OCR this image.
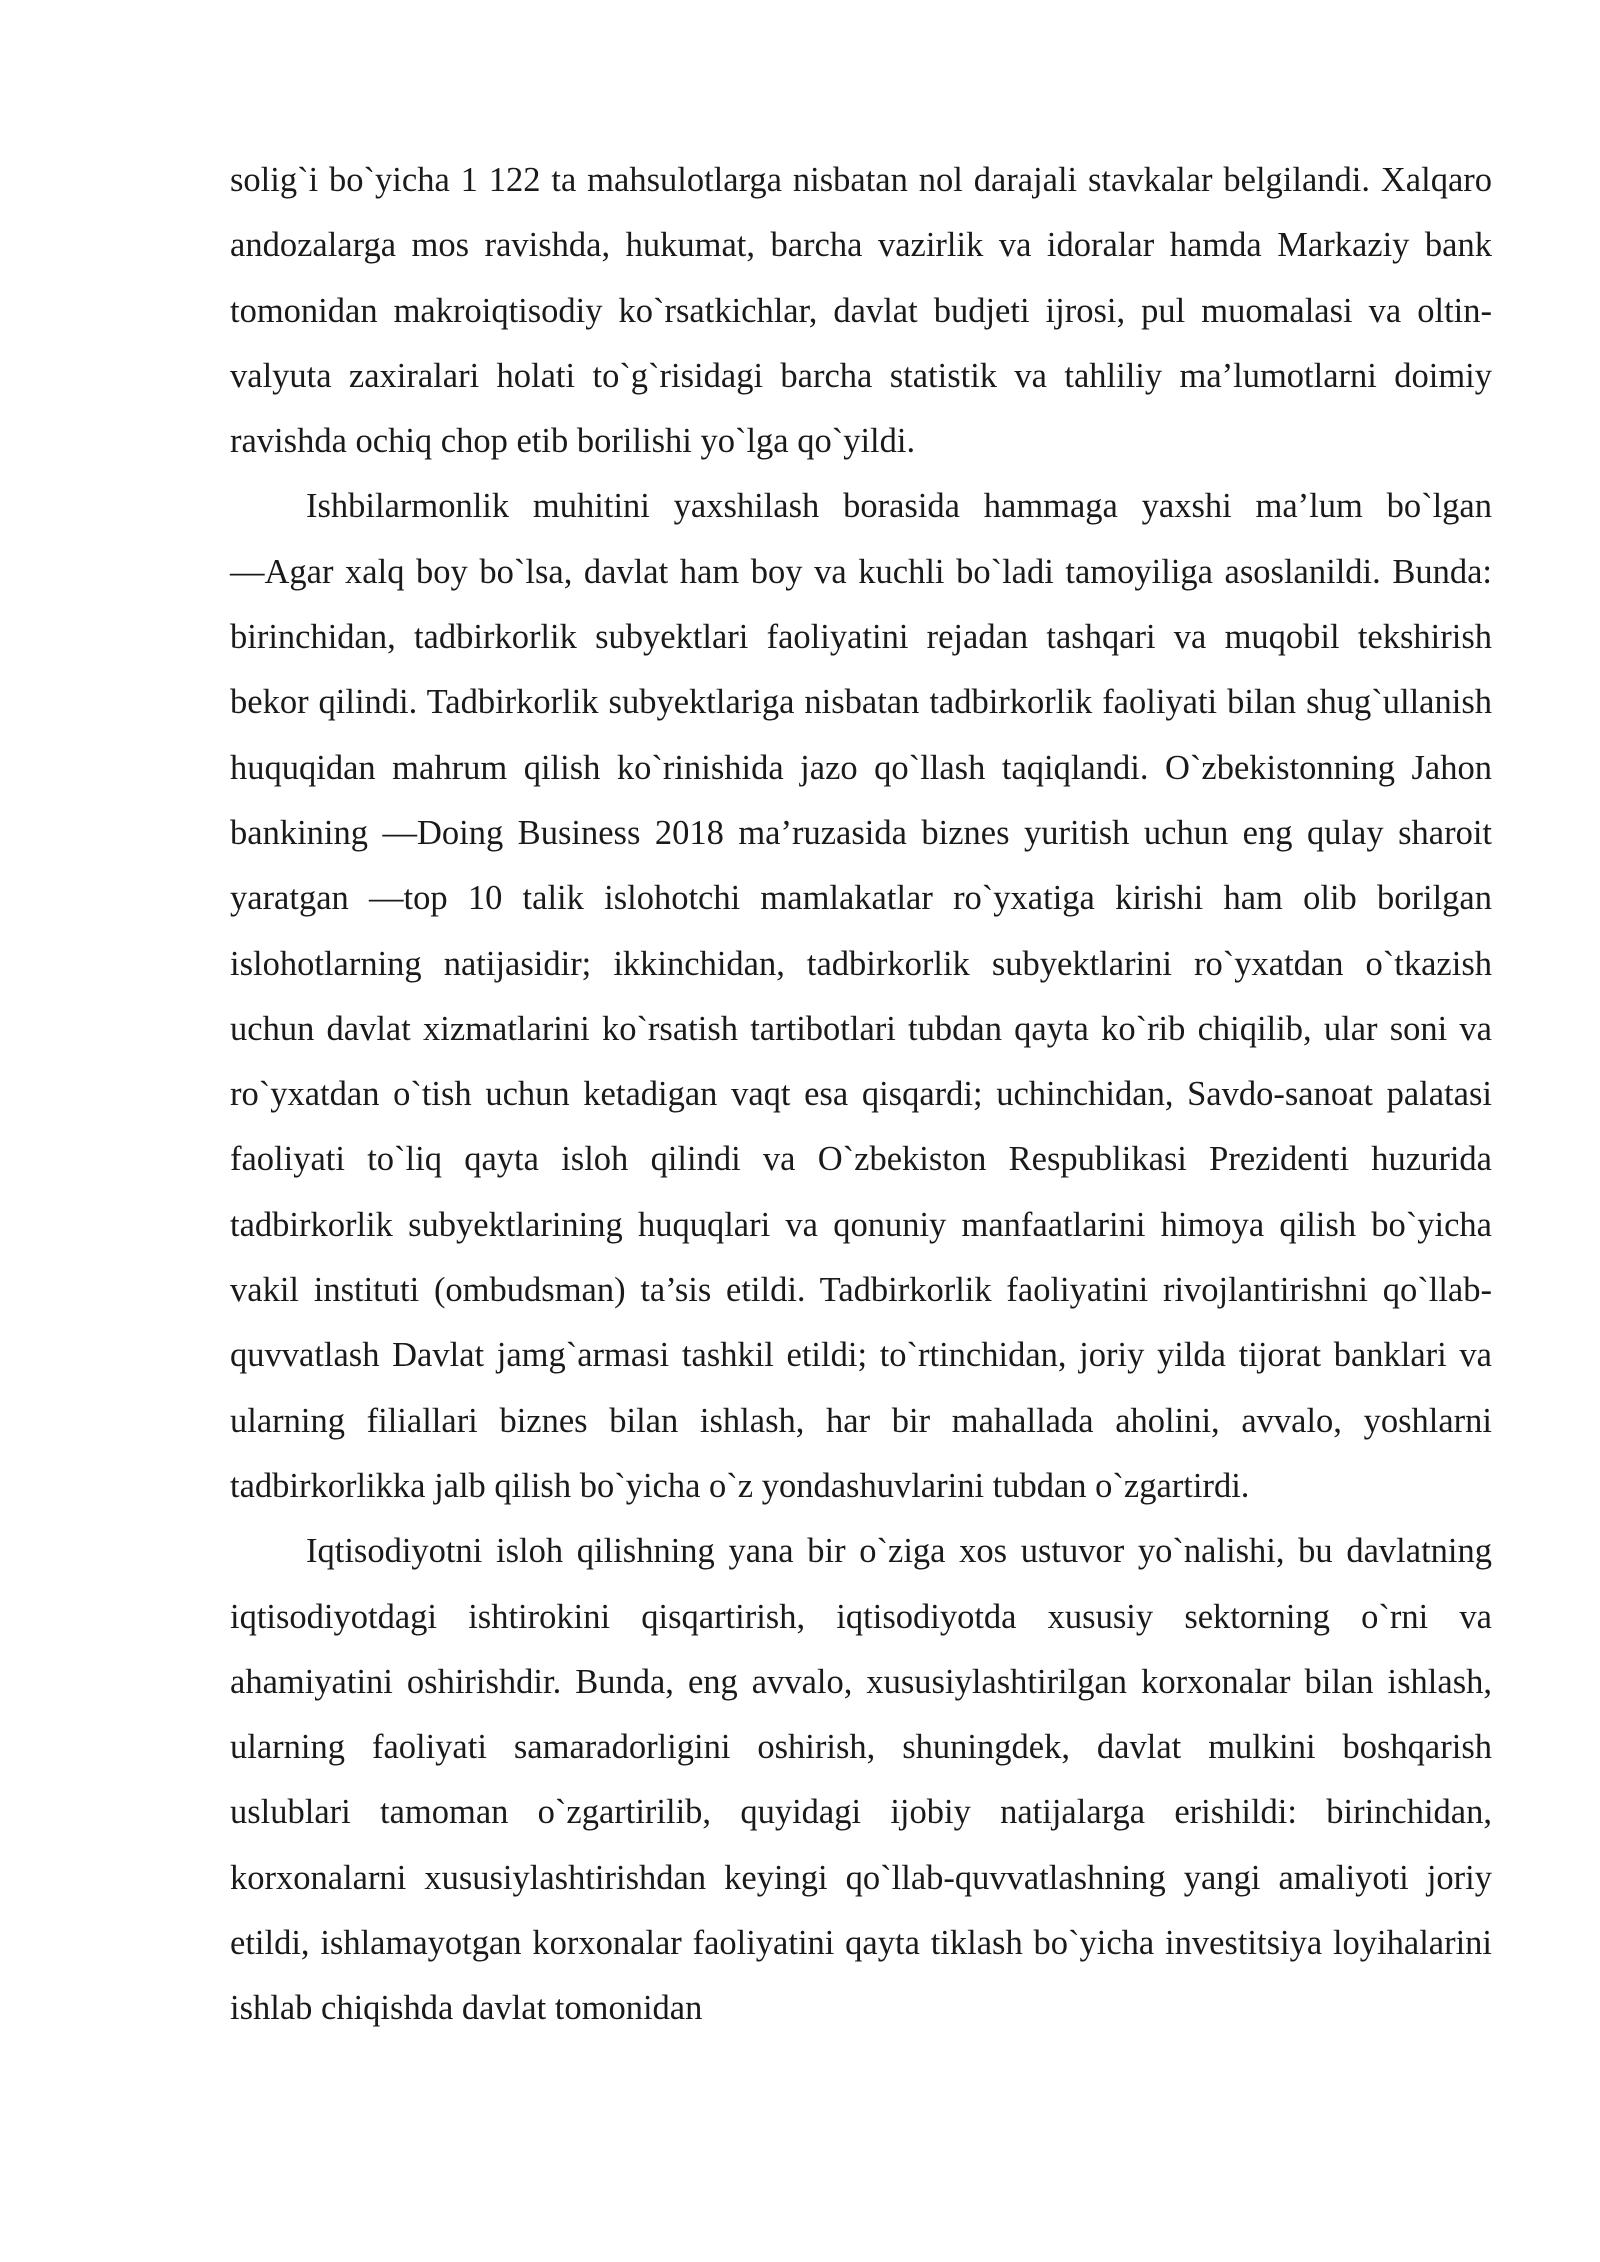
solig`i bo`yicha 1 122 ta mahsulotlarga nisbatan nol darajali stavkalar belgilandi. Xalqaro andozalarga mos ravishda, hukumat, barcha vazirlik va idoralar hamda Markaziy bank tomonidan makroiqtisodiy ko`rsatkichlar, davlat budjeti ijrosi, pul muomalasi va oltin-valyuta zaxiralari holati to`g`risidagi barcha statistik va tahliliy ma’lumotlarni doimiy ravishda ochiq chop etib borilishi yo`lga qo`yildi.

Ishbilarmonlik muhitini yaxshilash borasida hammaga yaxshi ma’lum bo`lgan ―Agar xalq boy bo`lsa, davlat ham boy va kuchli bo`ladi tamoyiliga asoslanildi. Bunda: birinchidan, tadbirkorlik subyektlari faoliyatini rejadan tashqari va muqobil tekshirish bekor qilindi. Tadbirkorlik subyektlariga nisbatan tadbirkorlik faoliyati bilan shug`ullanish huquqidan mahrum qilish ko`rinishida jazo qo`llash taqiqlandi. O`zbekistonning Jahon bankining ―Doing Business 2018 ma’ruzasida biznes yuritish uchun eng qulay sharoit yaratgan ―top 10 talik islohotchi mamlakatlar ro`yxatiga kirishi ham olib borilgan islohotlarning natijasidir; ikkinchidan, tadbirkorlik subyektlarini ro`yxatdan o`tkazish uchun davlat xizmatlarini ko`rsatish tartibotlari tubdan qayta ko`rib chiqilib, ular soni va ro`yxatdan o`tish uchun ketadigan vaqt esa qisqardi; uchinchidan, Savdo-sanoat palatasi faoliyati to`liq qayta isloh qilindi va O`zbekiston Respublikasi Prezidenti huzurida tadbirkorlik subyektlarining huquqlari va qonuniy manfaatlarini himoya qilish bo`yicha vakil instituti (ombudsman) ta’sis etildi. Tadbirkorlik faoliyatini rivojlantirishni qo`llab-quvvatlash Davlat jamg`armasi tashkil etildi; to`rtinchidan, joriy yilda tijorat banklari va ularning filiallari biznes bilan ishlash, har bir mahallada aholini, avvalo, yoshlarni tadbirkorlikka jalb qilish bo`yicha o`z yondashuvlarini tubdan o`zgartirdi.

Iqtisodiyotni isloh qilishning yana bir o`ziga xos ustuvor yo`nalishi, bu davlatning iqtisodiyotdagi ishtirokini qisqartirish, iqtisodiyotda xususiy sektorning o`rni va ahamiyatini oshirishdir. Bunda, eng avvalo, xususiylashtirilgan korxonalar bilan ishlash, ularning faoliyati samaradorligini oshirish, shuningdek, davlat mulkini boshqarish uslublari tamoman o`zgartirilib, quyidagi ijobiy natijalarga erishildi: birinchidan, korxonalarni xususiylashtirishdan keyingi qo`llab-quvvatlashning yangi amaliyoti joriy etildi, ishlamayotgan korxonalar faoliyatini qayta tiklash bo`yicha investitsiya loyihalarini ishlab chiqishda davlat tomonidan
